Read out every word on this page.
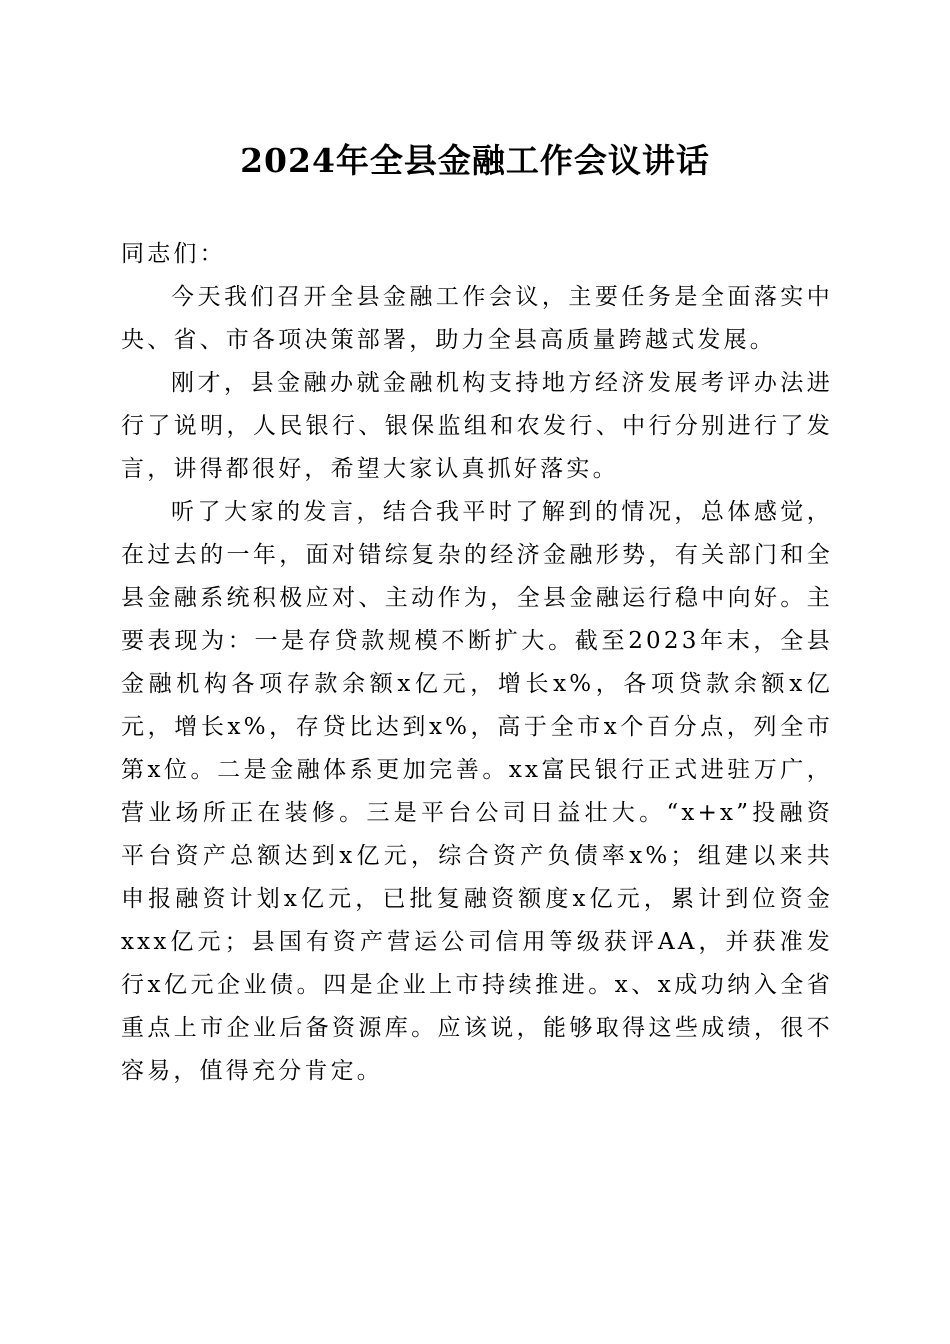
2024年全县金融工作会议讲话

同志们：

今天我们召开全县金融工作会议，主要任务是全面落实中央、省、市各项决策部署，助力全县高质量跨越式发展。

刚才，县金融办就金融机构支持地方经济发展考评办法进行了说明，人民银行、银保监组和农发行、中行分别进行了发言，讲得都很好，希望大家认真抓好落实。

听了大家的发言，结合我平时了解到的情况，总体感觉，在过去的一年，面对错综复杂的经济金融形势，有关部门和全县金融系统积极应对、主动作为，全县金融运行稳中向好。主要表现为：一是存贷款规模不断扩大。截至2023年末，全县金融机构各项存款余额x亿元，增长x%，各项贷款余额x亿元，增长x%，存贷比达到x%，高于全市x个百分点，列全市第x位。二是金融体系更加完善。xx富民银行正式进驻万广，营业场所正在装修。三是平台公司日益壮大。“x+x”投融资平台资产总额达到x亿元，综合资产负债率x%；组建以来共申报融资计划x亿元，已批复融资额度x亿元，累计到位资金xxx亿元；县国有资产营运公司信用等级获评AA，并获准发行x亿元企业债。四是企业上市持续推进。x、x成功纳入全省重点上市企业后备资源库。应该说，能够取得这些成绩，很不容易，值得充分肯定。
